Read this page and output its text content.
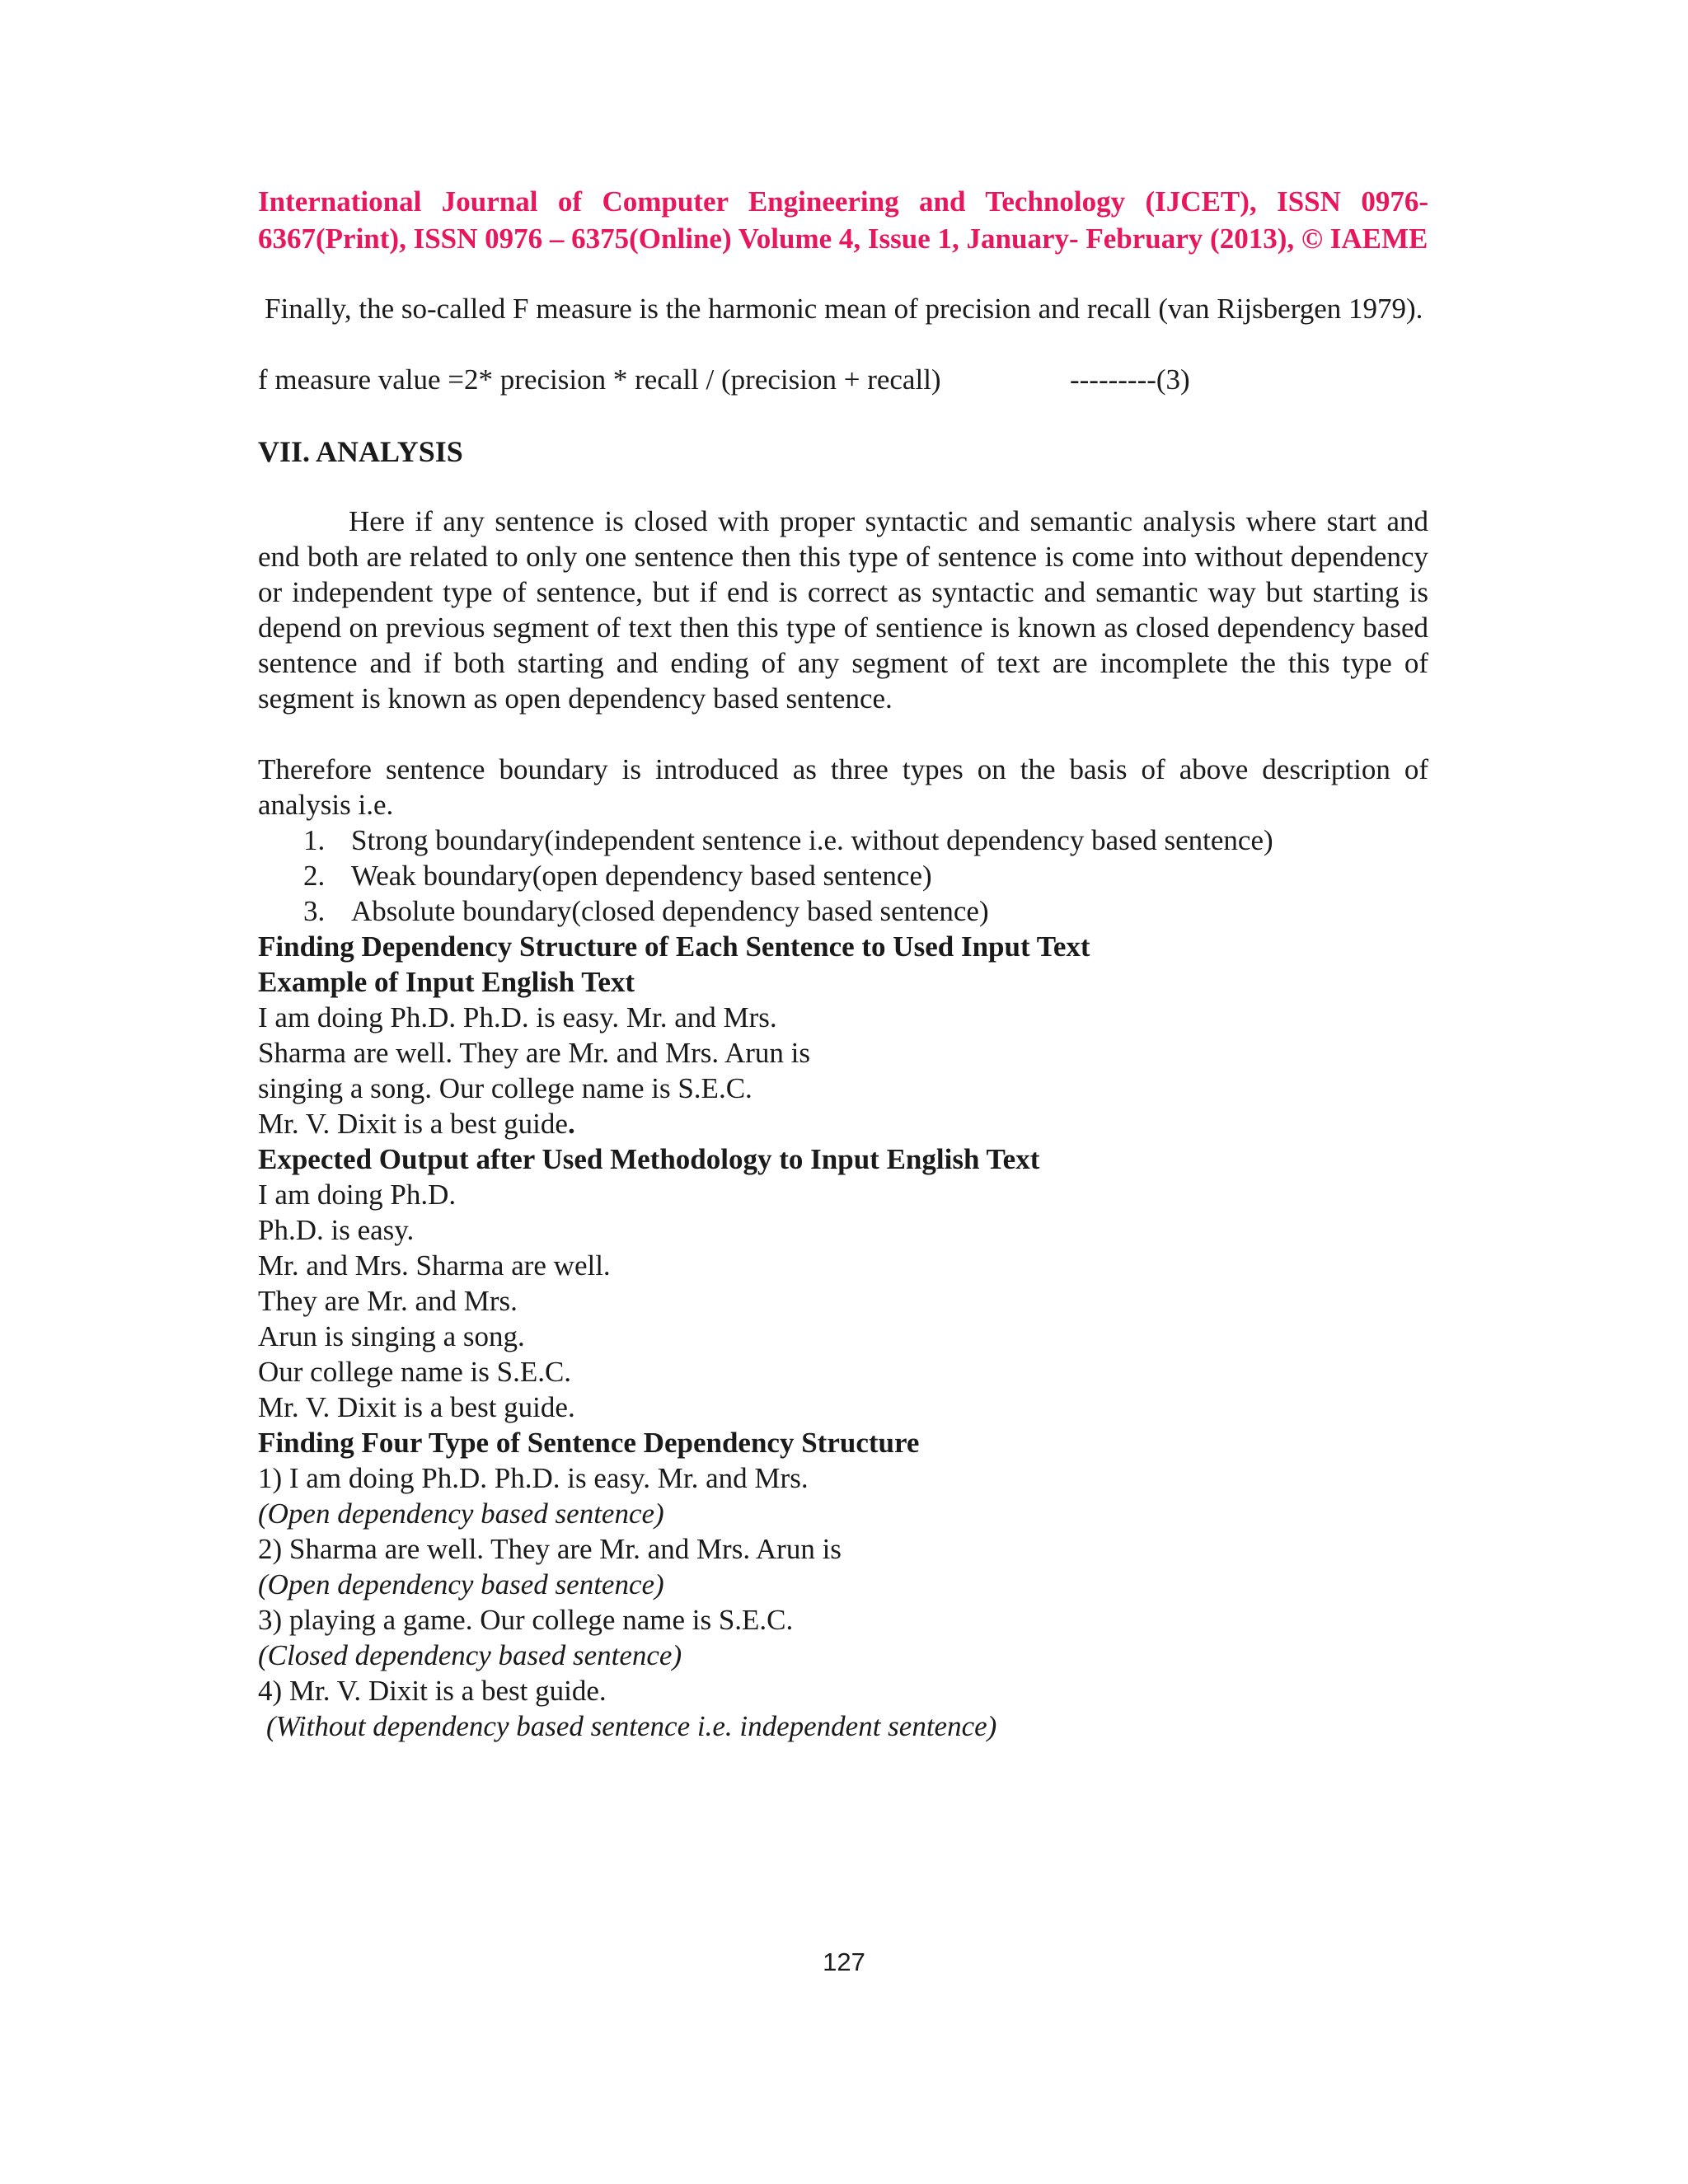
International Journal of Computer Engineering and Technology (IJCET), ISSN 0976-
6367(Print), ISSN 0976 – 6375(Online) Volume 4, Issue 1, January- February (2013), © IAEME

Finally, the so-called F measure is the harmonic mean of precision and recall (van Rijsbergen 1979).

f measure value =2* precision * recall / (precision + recall)	---------(3)
VII. ANALYSIS

Here if any sentence is closed with proper syntactic and semantic analysis where start and end both are related to only one sentence then this type of sentence is come into without dependency or independent type of sentence, but if end is correct as syntactic and semantic way but starting is depend on previous segment of text then this type of sentience is known as closed dependency based sentence and if both starting and ending of any segment of text are incomplete the this type of segment is known as open dependency based sentence.

Therefore sentence boundary is introduced as three types on the basis of above description of analysis i.e.

1. 1. Strong boundary(independent sentence i.e. without dependency based sentence)
2. 2. Weak boundary(open dependency based sentence)
3. 3. Absolute boundary(closed dependency based sentence)

Finding Dependency Structure of Each Sentence to Used Input Text

Example of Input English Text

I am doing Ph.D. Ph.D. is easy. Mr. and Mrs.
Sharma are well. They are Mr. and Mrs. Arun is
singing a song. Our college name is S.E.C.
Mr. V. Dixit is a best guide.

Expected Output after Used Methodology to Input English Text

I am doing Ph.D.
Ph.D. is easy.
Mr. and Mrs. Sharma are well.
They are Mr. and Mrs.
Arun is singing a song.
Our college name is S.E.C.
Mr. V. Dixit is a best guide.

Finding Four Type of Sentence Dependency Structure

1) I am doing Ph.D. Ph.D. is easy. Mr. and Mrs.
(Open dependency based sentence)
2) Sharma are well. They are Mr. and Mrs. Arun is
(Open dependency based sentence)
3) playing a game. Our college name is S.E.C.
(Closed dependency based sentence)
4) Mr. V. Dixit is a best guide.
(Without dependency based sentence i.e. independent sentence)
127
